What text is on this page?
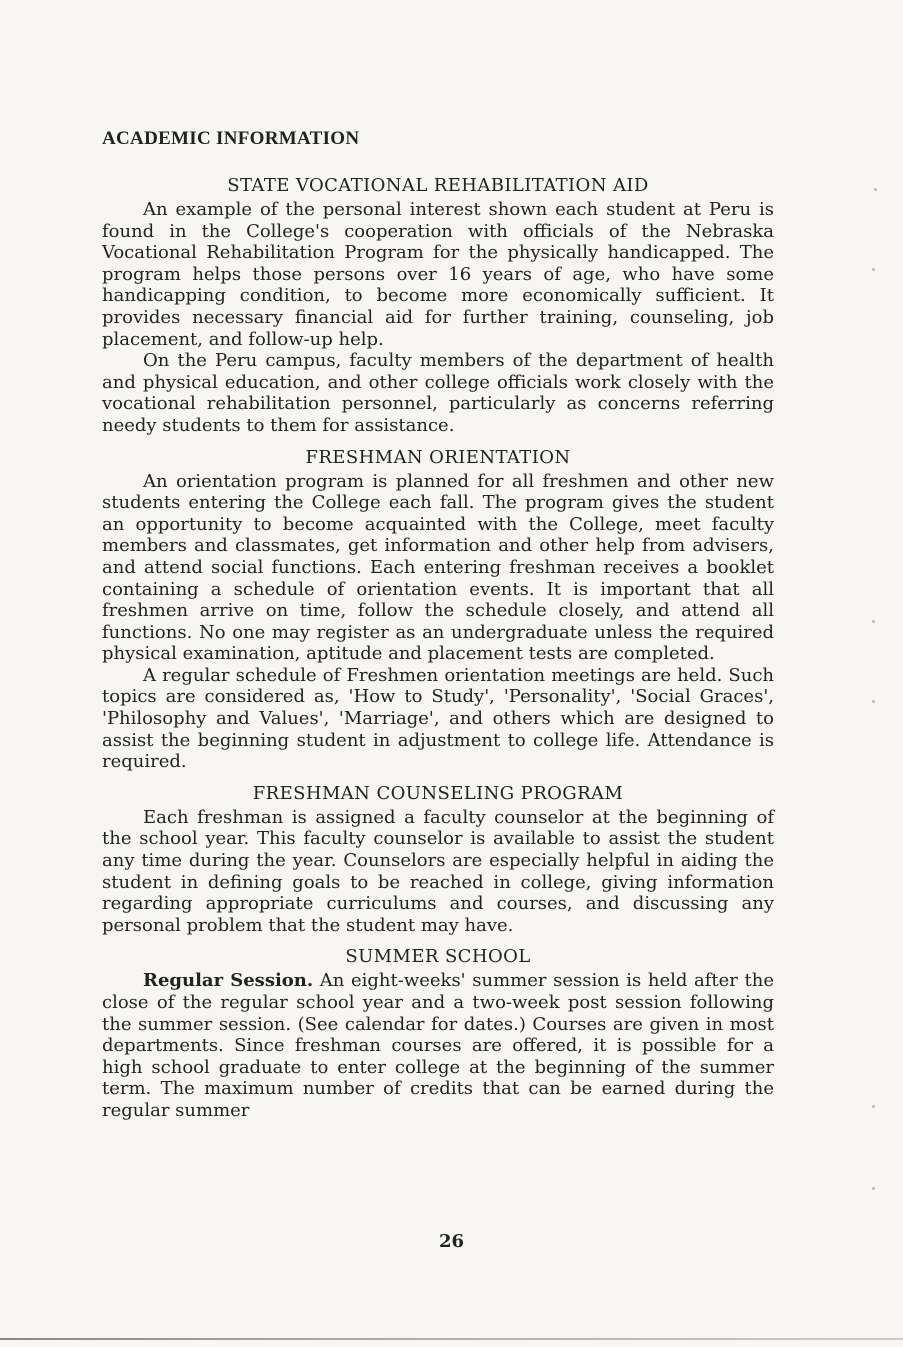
ACADEMIC INFORMATION
STATE VOCATIONAL REHABILITATION AID

An example of the personal interest shown each student at Peru is found in the College's cooperation with officials of the Nebraska Vocational Rehabilitation Program for the physically handicapped. The program helps those persons over 16 years of age, who have some handicapping condition, to become more economically sufficient. It provides necessary financial aid for further training, counseling, job placement, and follow-up help.

On the Peru campus, faculty members of the department of health and physical education, and other college officials work closely with the vocational rehabilitation personnel, particularly as concerns referring needy students to them for assistance.

FRESHMAN ORIENTATION

An orientation program is planned for all freshmen and other new students entering the College each fall. The program gives the student an opportunity to become acquainted with the College, meet faculty members and classmates, get information and other help from advisers, and attend social functions. Each entering freshman receives a booklet containing a schedule of orientation events. It is important that all freshmen arrive on time, follow the schedule closely, and attend all functions. No one may register as an undergraduate unless the required physical examination, aptitude and placement tests are completed.

A regular schedule of Freshmen orientation meetings are held. Such topics are considered as, 'How to Study', 'Personality', 'Social Graces', 'Philosophy and Values', 'Marriage', and others which are designed to assist the beginning student in adjustment to college life. Attendance is required.

FRESHMAN COUNSELING PROGRAM

Each freshman is assigned a faculty counselor at the beginning of the school year. This faculty counselor is available to assist the student any time during the year. Counselors are especially helpful in aiding the student in defining goals to be reached in college, giving information regarding appropriate curriculums and courses, and discussing any personal problem that the student may have.

SUMMER SCHOOL

Regular Session. An eight-weeks' summer session is held after the close of the regular school year and a two-week post session following the summer session. (See calendar for dates.) Courses are given in most departments. Since freshman courses are offered, it is possible for a high school graduate to enter college at the beginning of the summer term. The maximum number of credits that can be earned during the regular summer

26
